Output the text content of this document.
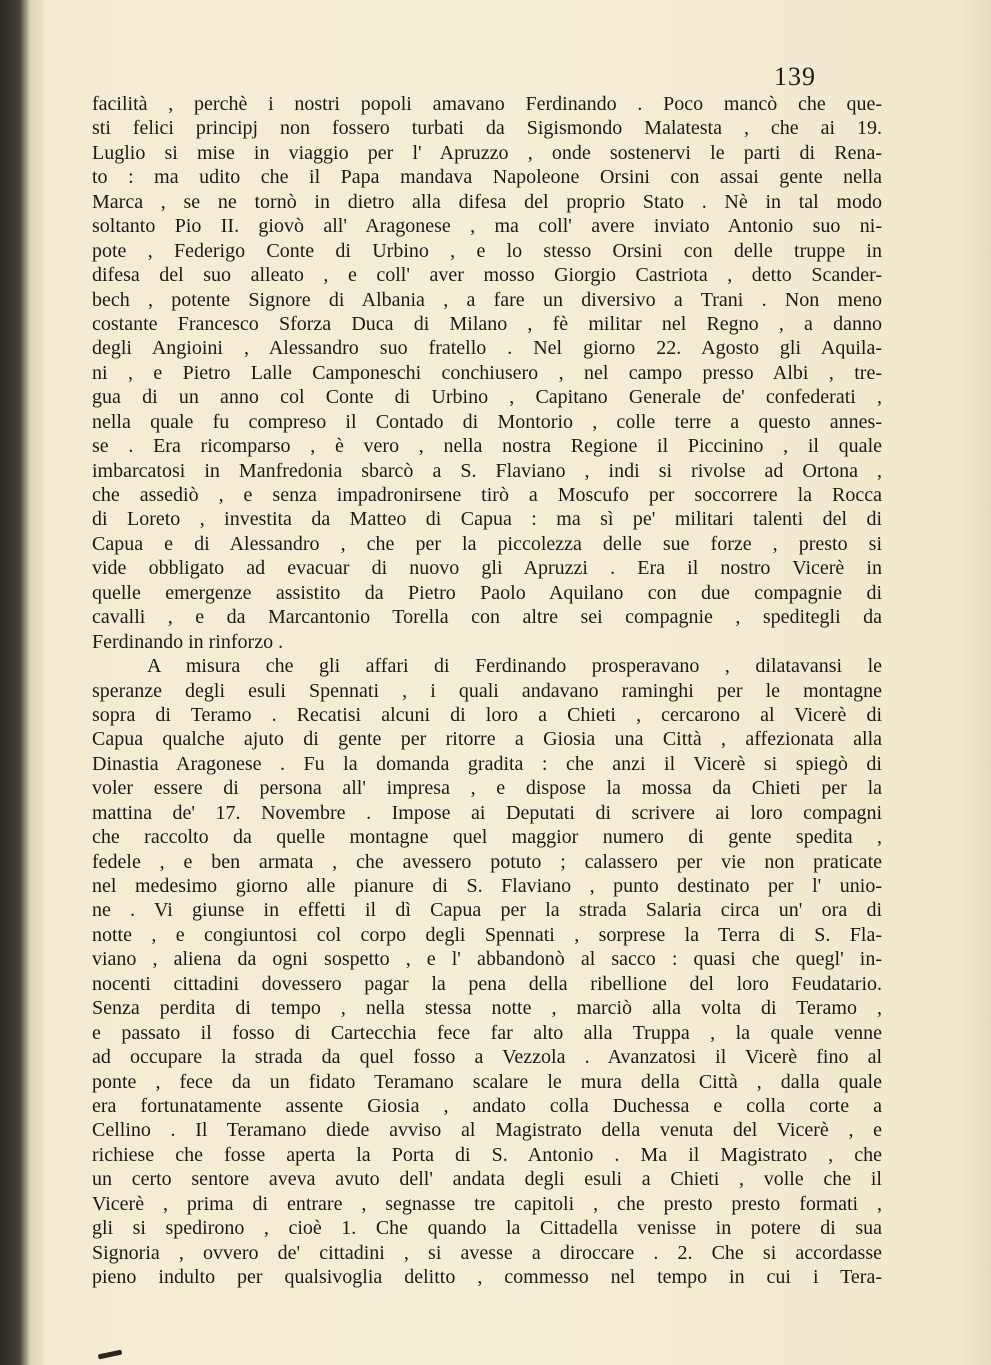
139
facilità , perchè i nostri popoli amavano Ferdinando . Poco mancò che que-
sti felici principj non fossero turbati da Sigismondo Malatesta , che ai 19.
Luglio si mise in viaggio per l' Apruzzo , onde sostenervi le parti di Rena-
to : ma udito che il Papa mandava Napoleone Orsini con assai gente nella
Marca , se ne tornò in dietro alla difesa del proprio Stato . Nè in tal modo
soltanto Pio II. giovò all' Aragonese , ma coll' avere inviato Antonio suo ni-
pote , Federigo Conte di Urbino , e lo stesso Orsini con delle truppe in
difesa del suo alleato , e coll' aver mosso Giorgio Castriota , detto Scander-
bech , potente Signore di Albania , a fare un diversivo a Trani . Non meno
costante Francesco Sforza Duca di Milano , fè militar nel Regno , a danno
degli Angioini , Alessandro suo fratello . Nel giorno 22. Agosto gli Aquila-
ni , e Pietro Lalle Camponeschi conchiusero , nel campo presso Albi , tre-
gua di un anno col Conte di Urbino , Capitano Generale de' confederati ,
nella quale fu compreso il Contado di Montorio , colle terre a questo annes-
se . Era ricomparso , è vero , nella nostra Regione il Piccinino , il quale
imbarcatosi in Manfredonia sbarcò a S. Flaviano , indi si rivolse ad Ortona ,
che assediò , e senza impadronirsene tirò a Moscufo per soccorrere la Rocca
di Loreto , investita da Matteo di Capua : ma sì pe' militari talenti del di
Capua e di Alessandro , che per la piccolezza delle sue forze , presto si
vide obbligato ad evacuar di nuovo gli Apruzzi . Era il nostro Vicerè in
quelle emergenze assistito da Pietro Paolo Aquilano con due compagnie di
cavalli , e da Marcantonio Torella con altre sei compagnie , speditegli da
Ferdinando in rinforzo .
A misura che gli affari di Ferdinando prosperavano , dilatavansi le
speranze degli esuli Spennati , i quali andavano raminghi per le montagne
sopra di Teramo . Recatisi alcuni di loro a Chieti , cercarono al Vicerè di
Capua qualche ajuto di gente per ritorre a Giosia una Città , affezionata alla
Dinastia Aragonese . Fu la domanda gradita : che anzi il Vicerè si spiegò di
voler essere di persona all' impresa , e dispose la mossa da Chieti per la
mattina de' 17. Novembre . Impose ai Deputati di scrivere ai loro compagni
che raccolto da quelle montagne quel maggior numero di gente spedita ,
fedele , e ben armata , che avessero potuto ; calassero per vie non praticate
nel medesimo giorno alle pianure di S. Flaviano , punto destinato per l' unio-
ne . Vi giunse in effetti il dì Capua per la strada Salaria circa un' ora di
notte , e congiuntosi col corpo degli Spennati , sorprese la Terra di S. Fla-
viano , aliena da ogni sospetto , e l' abbandonò al sacco : quasi che quegl' in-
nocenti cittadini dovessero pagar la pena della ribellione del loro Feudatario.
Senza perdita di tempo , nella stessa notte , marciò alla volta di Teramo ,
e passato il fosso di Cartecchia fece far alto alla Truppa , la quale venne
ad occupare la strada da quel fosso a Vezzola . Avanzatosi il Vicerè fino al
ponte , fece da un fidato Teramano scalare le mura della Città , dalla quale
era fortunatamente assente Giosia , andato colla Duchessa e colla corte a
Cellino . Il Teramano diede avviso al Magistrato della venuta del Vicerè , e
richiese che fosse aperta la Porta di S. Antonio . Ma il Magistrato , che
un certo sentore aveva avuto dell' andata degli esuli a Chieti , volle che il
Vicerè , prima di entrare , segnasse tre capitoli , che presto presto formati ,
gli si spedirono , cioè 1. Che quando la Cittadella venisse in potere di sua
Signoria , ovvero de' cittadini , si avesse a diroccare . 2. Che si accordasse
pieno indulto per qualsivoglia delitto , commesso nel tempo in cui i Tera-
